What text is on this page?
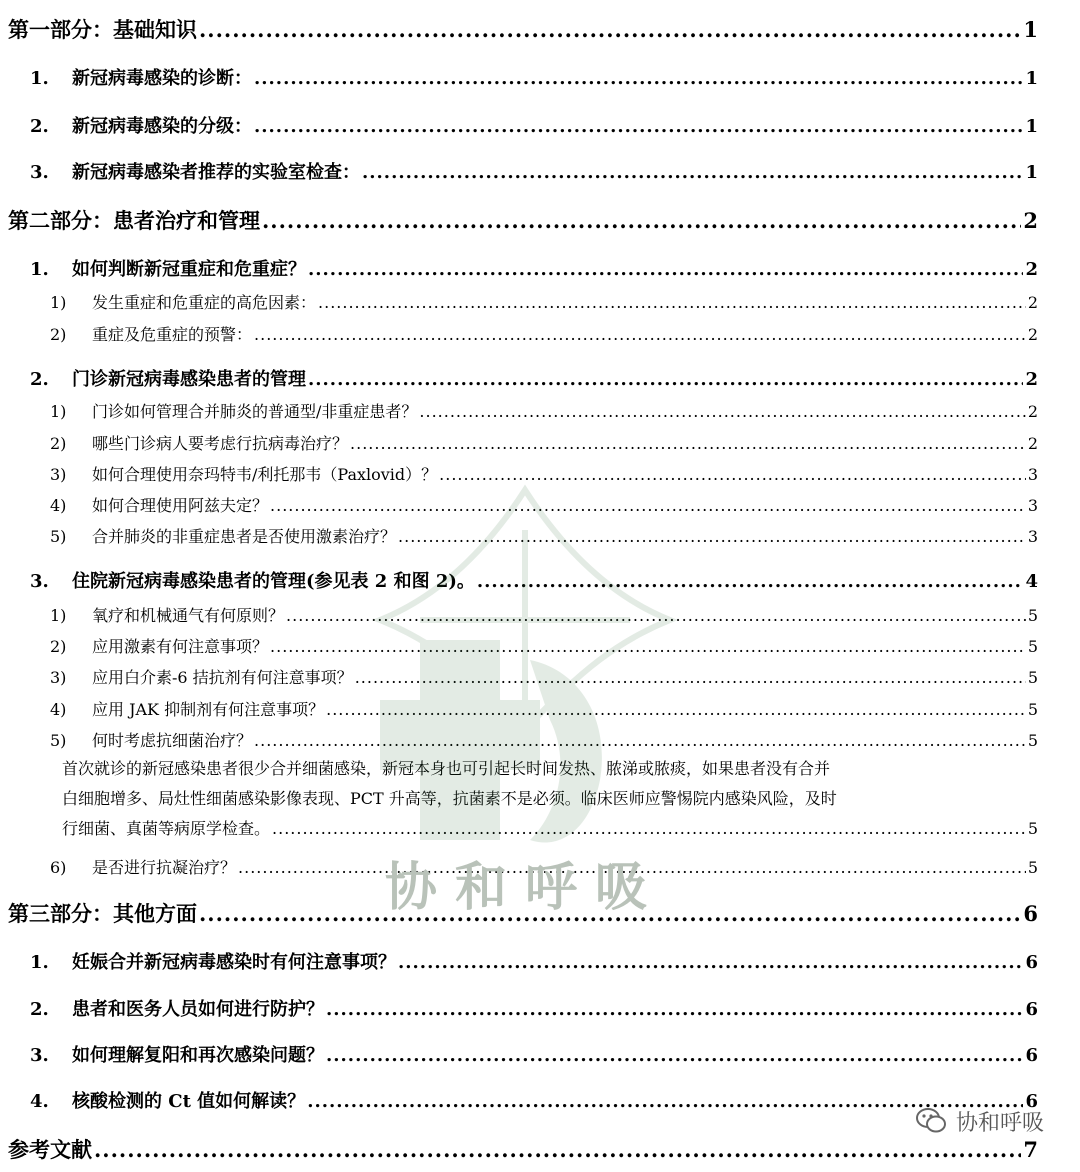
第一部分：基础知识 .....	1
1.	新冠病毒感染的诊断： .....	1
2.	新冠病毒感染的分级： .....	1
3.	新冠病毒感染者推荐的实验室检查： .....	1
第二部分：患者治疗和管理 .....	2
1.	如何判断新冠重症和危重症？ .....	2
1)	发生重症和危重症的高危因素： .....	2
2)	重症及危重症的预警： .....	2
2.	门诊新冠病毒感染患者的管理 .....	2
1)	门诊如何管理合并肺炎的普通型/非重症患者？ .....	2
2)	哪些门诊病人要考虑行抗病毒治疗？ .....	2
3)	如何合理使用奈玛特韦/利托那韦（Paxlovid）？ .....	3
4)	如何合理使用阿兹夫定？ .....	3
5)	合并肺炎的非重症患者是否使用激素治疗？ .....	3
3.	住院新冠病毒感染患者的管理(参见表 2 和图 2)。 .....	4
1)	氧疗和机械通气有何原则？ .....	5
2)	应用激素有何注意事项？ .....	5
3)	应用白介素-6 拮抗剂有何注意事项？ .....	5
4)	应用 JAK 抑制剂有何注意事项？ .....	5
5)	何时考虑抗细菌治疗？ .....	5
首次就诊的新冠感染患者很少合并细菌感染，新冠本身也可引起长时间发热、脓涕或脓痰，如果患者没有合并
白细胞增多、局灶性细菌感染影像表现、PCT 升高等，抗菌素不是必须。临床医师应警惕院内感染风险，及时
行细菌、真菌等病原学检查。 .....	5
6)	是否进行抗凝治疗？ .....	5
第三部分：其他方面 .....	6
1.	妊娠合并新冠病毒感染时有何注意事项？ .....	6
2.	患者和医务人员如何进行防护？ .....	6
3.	如何理解复阳和再次感染问题？ .....	6
4.	核酸检测的 Ct 值如何解读？ .....	6
参考文献 .....	7
协和呼吸
协和呼吸
